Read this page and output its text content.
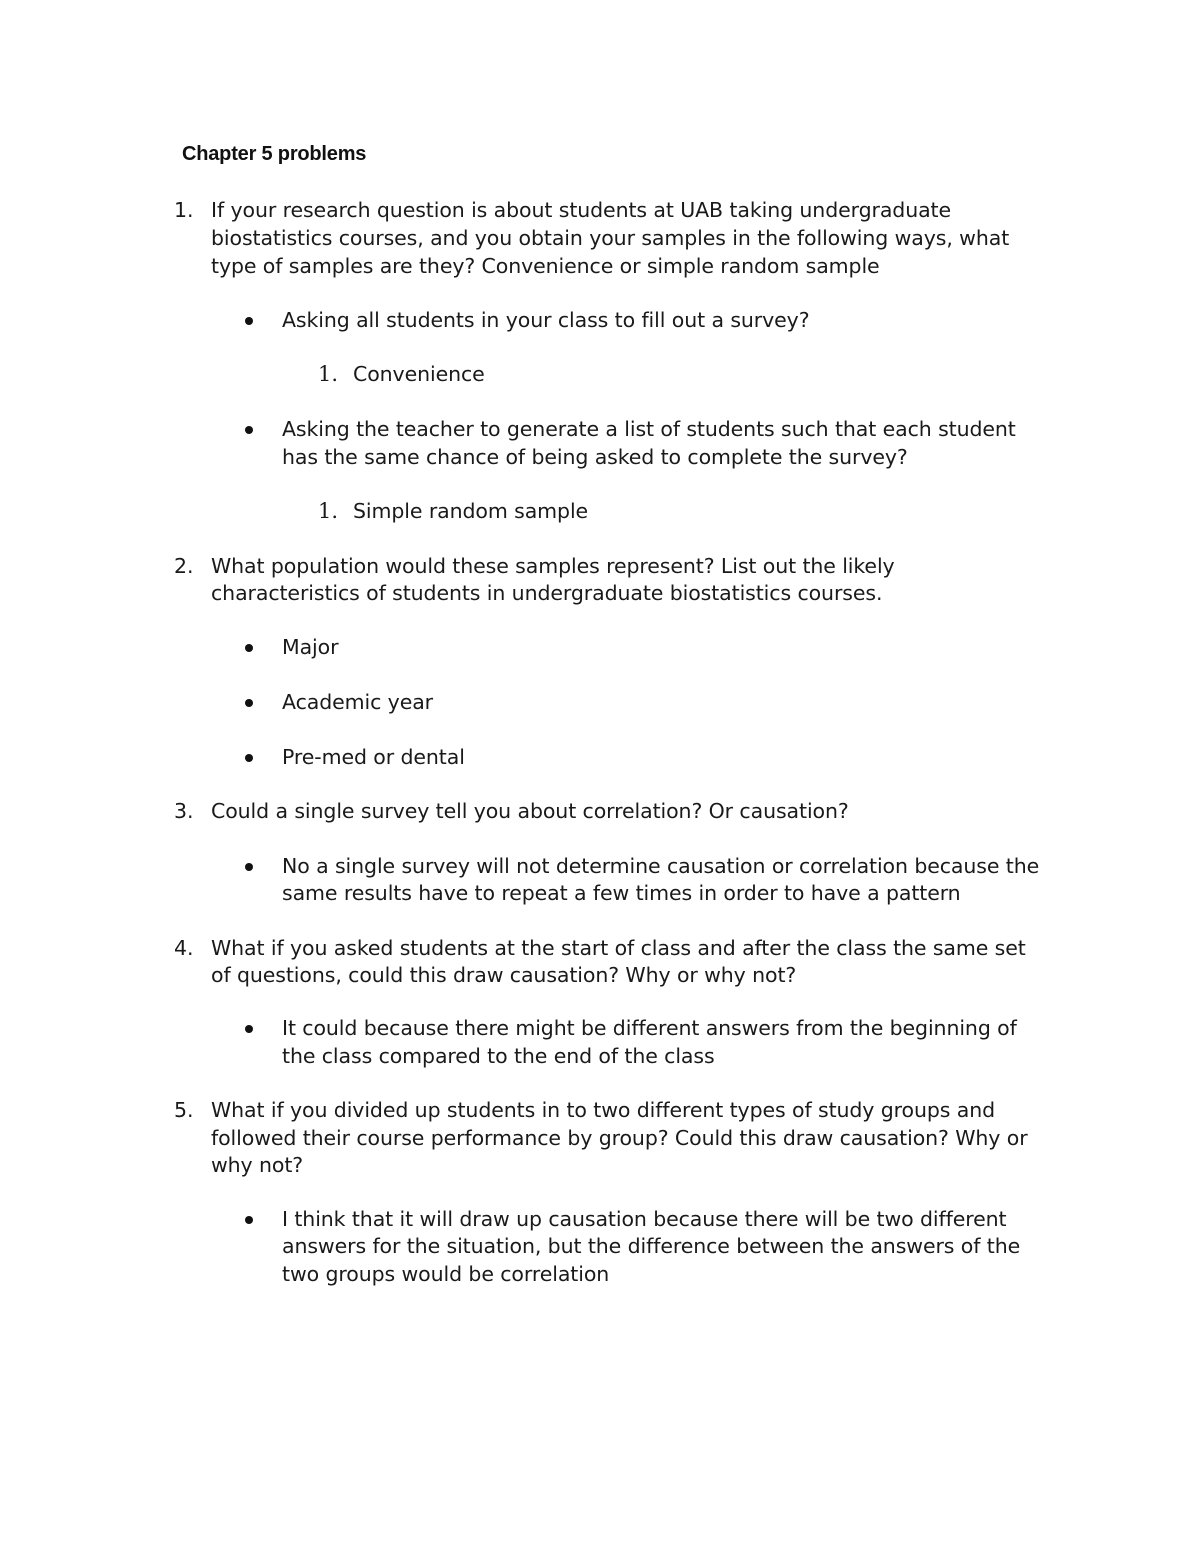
Chapter 5 problems
1. If your research question is about students at UAB taking undergraduate
biostatistics courses, and you obtain your samples in the following ways, what
type of samples are they? Convenience or simple random sample
Asking all students in your class to fill out a survey?
1. Convenience
Asking the teacher to generate a list of students such that each student
has the same chance of being asked to complete the survey?
1. Simple random sample
2. What population would these samples represent? List out the likely
characteristics of students in undergraduate biostatistics courses.
Major
Academic year
Pre-med or dental
3. Could a single survey tell you about correlation? Or causation?
No a single survey will not determine causation or correlation because the
same results have to repeat a few times in order to have a pattern
4. What if you asked students at the start of class and after the class the same set
of questions, could this draw causation? Why or why not?
It could because there might be different answers from the beginning of
the class compared to the end of the class
5. What if you divided up students in to two different types of study groups and
followed their course performance by group? Could this draw causation? Why or
why not?
I think that it will draw up causation because there will be two different
answers for the situation, but the difference between the answers of the
two groups would be correlation
